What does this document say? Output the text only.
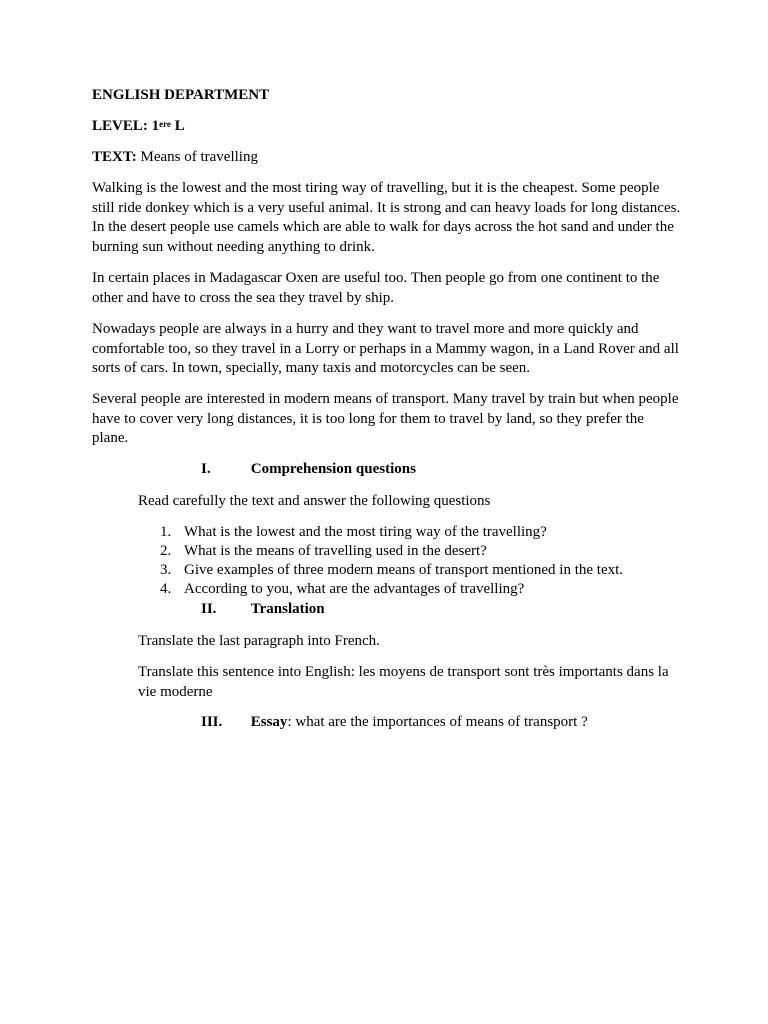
ENGLISH DEPARTMENT
LEVEL: 1ere L
TEXT: Means of travelling
Walking is the lowest and the most tiring way of travelling, but it is the cheapest. Some people still ride donkey which is a very useful animal. It is strong and can heavy loads for long distances. In the desert people use camels which are able to walk for days across the hot sand and under the burning sun without needing anything to drink.
In certain places in Madagascar Oxen are useful too. Then people go from one continent to the other and have to cross the sea they travel by ship.
Nowadays people are always in a hurry and they want to travel more and more quickly and comfortable too, so they travel in a Lorry or perhaps in a Mammy wagon, in a Land Rover and all sorts of cars. In town, specially, many taxis and motorcycles can be seen.
Several people are interested in modern means of transport. Many travel by train but when people have to cover very long distances, it is too long for them to travel by land, so they prefer the plane.
I.	Comprehension questions
Read carefully the text and answer the following questions
1. What is the lowest and the most tiring way of the travelling?
2. What is the means of travelling used in the desert?
3. Give examples of three modern means of transport mentioned in the text.
4. According to you, what are the advantages of travelling?
II. Translation
Translate the last paragraph into French.
Translate this sentence into English: les moyens de transport sont très importants dans la vie moderne
III. Essay: what are the importances of means of transport ?
